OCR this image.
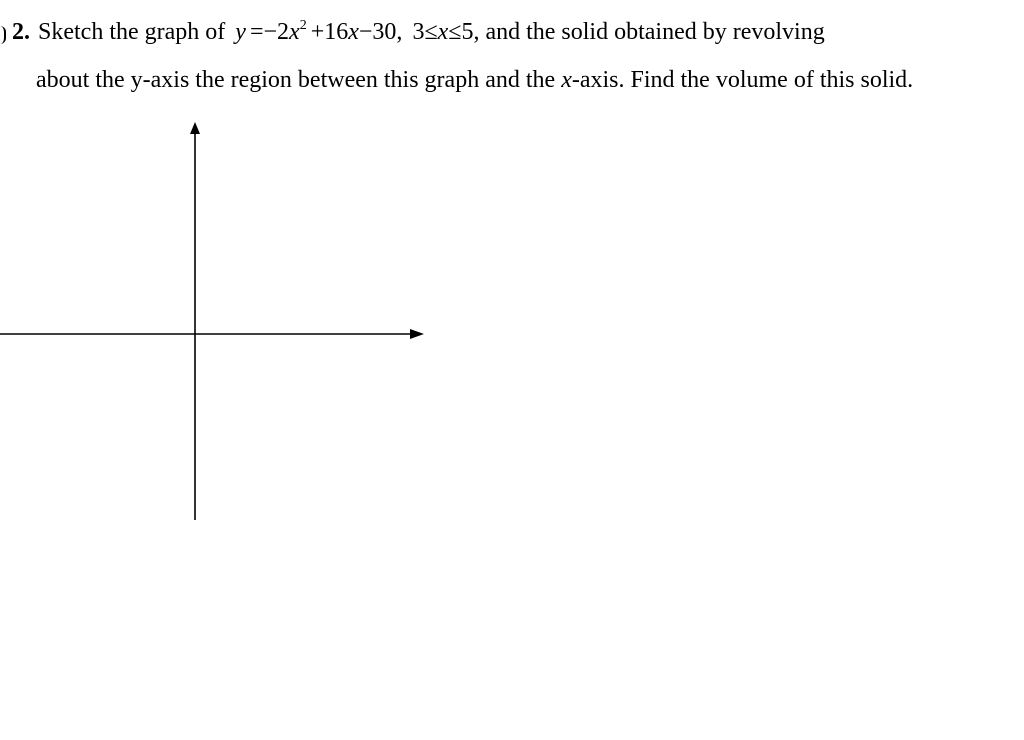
2. Sketch the graph of $y =-2x^2 +16x-30$, 3≤x≤5, and the solid obtained by revolving
about the y-axis the region between this graph and the x-axis. Find the volume of this solid.
